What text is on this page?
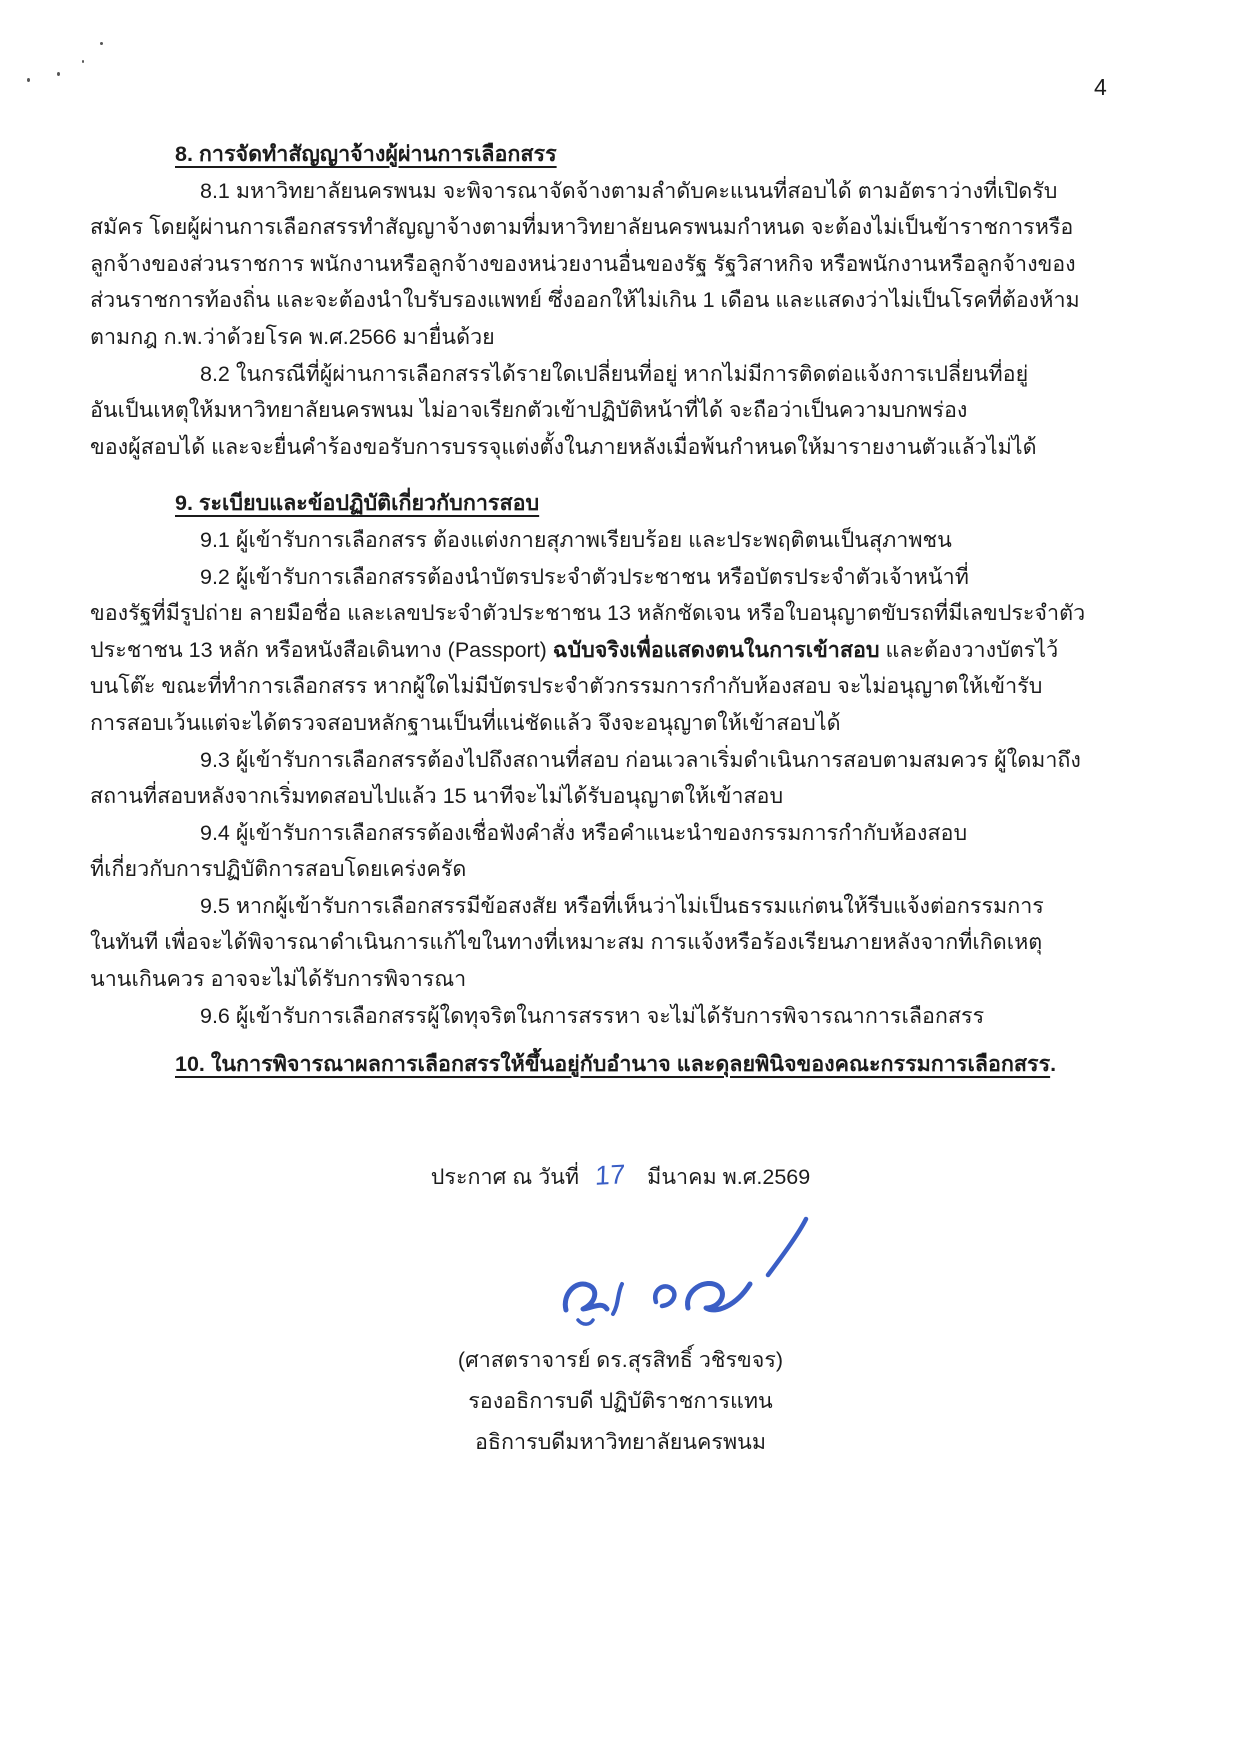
4
8. การจัดทำสัญญาจ้างผู้ผ่านการเลือกสรร
8.1 มหาวิทยาลัยนครพนม จะพิจารณาจัดจ้างตามลำดับคะแนนที่สอบได้ ตามอัตราว่างที่เปิดรับ
สมัคร โดยผู้ผ่านการเลือกสรรทำสัญญาจ้างตามที่มหาวิทยาลัยนครพนมกำหนด จะต้องไม่เป็นข้าราชการหรือ
ลูกจ้างของส่วนราชการ พนักงานหรือลูกจ้างของหน่วยงานอื่นของรัฐ รัฐวิสาหกิจ หรือพนักงานหรือลูกจ้างของ
ส่วนราชการท้องถิ่น และจะต้องนำใบรับรองแพทย์ ซึ่งออกให้ไม่เกิน 1 เดือน และแสดงว่าไม่เป็นโรคที่ต้องห้าม
ตามกฎ ก.พ.ว่าด้วยโรค พ.ศ.2566 มายื่นด้วย
8.2 ในกรณีที่ผู้ผ่านการเลือกสรรได้รายใดเปลี่ยนที่อยู่ หากไม่มีการติดต่อแจ้งการเปลี่ยนที่อยู่
อันเป็นเหตุให้มหาวิทยาลัยนครพนม ไม่อาจเรียกตัวเข้าปฏิบัติหน้าที่ได้ จะถือว่าเป็นความบกพร่อง
ของผู้สอบได้ และจะยื่นคำร้องขอรับการบรรจุแต่งตั้งในภายหลังเมื่อพ้นกำหนดให้มารายงานตัวแล้วไม่ได้
9. ระเบียบและข้อปฏิบัติเกี่ยวกับการสอบ
9.1 ผู้เข้ารับการเลือกสรร ต้องแต่งกายสุภาพเรียบร้อย และประพฤติตนเป็นสุภาพชน
9.2 ผู้เข้ารับการเลือกสรรต้องนำบัตรประจำตัวประชาชน หรือบัตรประจำตัวเจ้าหน้าที่
ของรัฐที่มีรูปถ่าย ลายมือชื่อ และเลขประจำตัวประชาชน 13 หลักชัดเจน หรือใบอนุญาตขับรถที่มีเลขประจำตัว
ประชาชน 13 หลัก หรือหนังสือเดินทาง (Passport) ฉบับจริงเพื่อแสดงตนในการเข้าสอบ และต้องวางบัตรไว้
บนโต๊ะ ขณะที่ทำการเลือกสรร หากผู้ใดไม่มีบัตรประจำตัวกรรมการกำกับห้องสอบ จะไม่อนุญาตให้เข้ารับ
การสอบเว้นแต่จะได้ตรวจสอบหลักฐานเป็นที่แน่ชัดแล้ว จึงจะอนุญาตให้เข้าสอบได้
9.3 ผู้เข้ารับการเลือกสรรต้องไปถึงสถานที่สอบ ก่อนเวลาเริ่มดำเนินการสอบตามสมควร ผู้ใดมาถึง
สถานที่สอบหลังจากเริ่มทดสอบไปแล้ว 15 นาทีจะไม่ได้รับอนุญาตให้เข้าสอบ
9.4 ผู้เข้ารับการเลือกสรรต้องเชื่อฟังคำสั่ง หรือคำแนะนำของกรรมการกำกับห้องสอบ
ที่เกี่ยวกับการปฏิบัติการสอบโดยเคร่งครัด
9.5 หากผู้เข้ารับการเลือกสรรมีข้อสงสัย หรือที่เห็นว่าไม่เป็นธรรมแก่ตนให้รีบแจ้งต่อกรรมการ
ในทันที เพื่อจะได้พิจารณาดำเนินการแก้ไขในทางที่เหมาะสม การแจ้งหรือร้องเรียนภายหลังจากที่เกิดเหตุ
นานเกินควร อาจจะไม่ได้รับการพิจารณา
9.6 ผู้เข้ารับการเลือกสรรผู้ใดทุจริตในการสรรหา จะไม่ได้รับการพิจารณาการเลือกสรร
10. ในการพิจารณาผลการเลือกสรรให้ขึ้นอยู่กับอำนาจ และดุลยพินิจของคณะกรรมการเลือกสรร.
ประกาศ ณ วันที่ 17 มีนาคม พ.ศ.2569
(ศาสตราจารย์ ดร.สุรสิทธิ์ วชิรขจร)
รองอธิการบดี ปฏิบัติราชการแทน
อธิการบดีมหาวิทยาลัยนครพนม
